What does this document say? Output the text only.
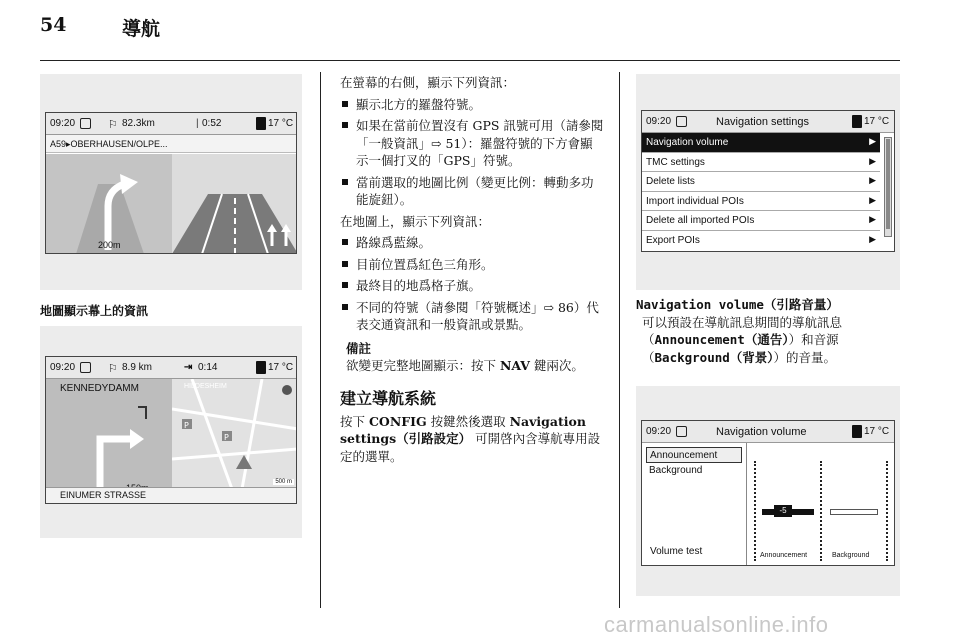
54	導航
09:20	⚐ 82.3km	| 0:52	17 °C
A59▸OBERHAUSEN/OLPE...
200m
地圖顯示幕上的資訊
09:20	⚐ 8.9 km	⇥ 0:14	17 °C
KENNEDYDAMM
P
P
HILDESHEIM
500 m
EINUMER STRASSE

在螢幕的右側，顯示下列資訊：

顯示北方的羅盤符號。
如果在當前位置沒有 GPS 訊號可用（請參閱「一般資訊」⇨ 51）：羅盤符號的下方會顯示一個打叉的「GPS」符號。
當前選取的地圖比例（變更比例：轉動多功能旋鈕）。

在地圖上，顯示下列資訊：

路線爲藍線。
目前位置爲紅色三角形。
最終目的地爲格子旗。
不同的符號（請參閱「符號概述」⇨ 86）代表交通資訊和一般資訊或景點。
備註
欲變更完整地圖顯示：按下 NAV 鍵兩次。
建立導航系統
按下 CONFIG 按鍵然後選取 Navigation settings（引路設定） 可開啓內含導航專用設定的選單。
09:20	Navigation settings	17 °C
Navigation volume	▶
TMC settings	▶
Delete lists	▶
Import individual POIs	▶
Delete all imported POIs	▶
Export POIs	▶
Navigation volume（引路音量）
可以預設在導航訊息期間的導航訊息（Announcement（通告））和音源（Background（背景））的音量。
09:20	Navigation volume	17 °C
Announcement
Background
Volume test
-5
Announcement	Background
carmanualsonline.info
